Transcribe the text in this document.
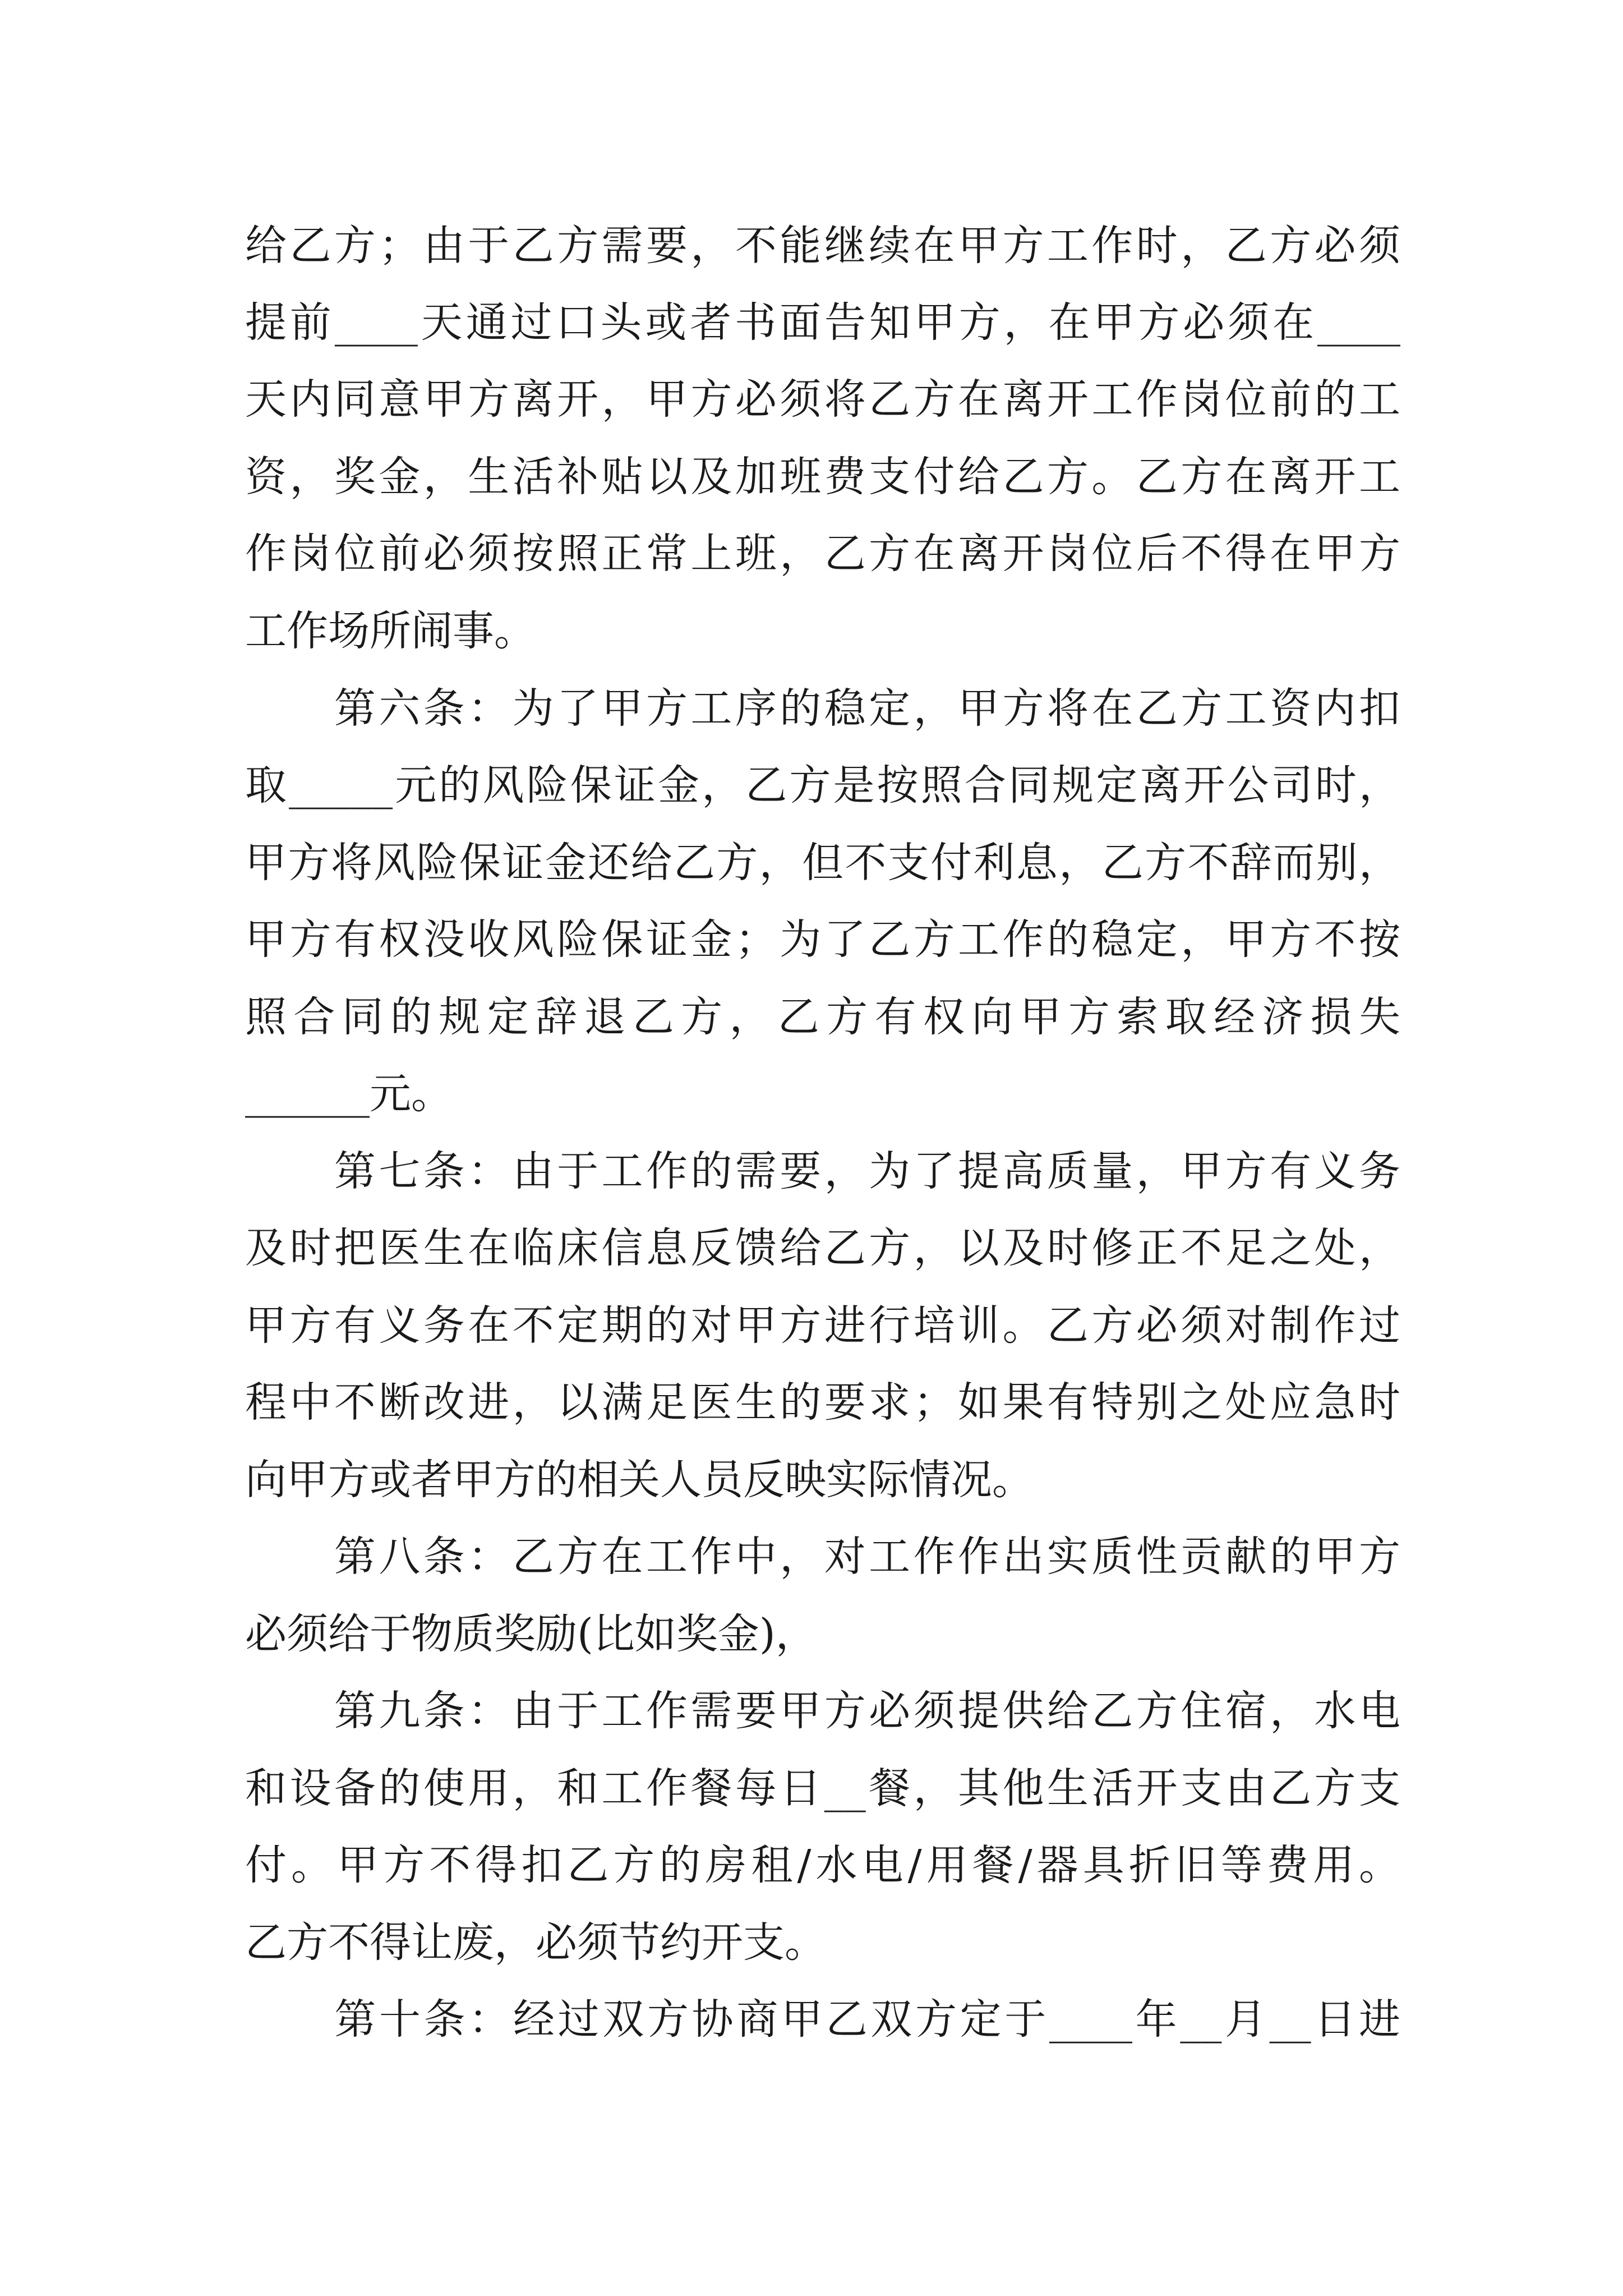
给乙方；由于乙方需要，不能继续在甲方工作时，乙方必须
提前____天通过口头或者书面告知甲方，在甲方必须在____
天内同意甲方离开，甲方必须将乙方在离开工作岗位前的工
资，奖金，生活补贴以及加班费支付给乙方。乙方在离开工
作岗位前必须按照正常上班，乙方在离开岗位后不得在甲方
工作场所闹事。
　　第六条：为了甲方工序的稳定，甲方将在乙方工资内扣
取_____元的风险保证金，乙方是按照合同规定离开公司时，
甲方将风险保证金还给乙方，但不支付利息，乙方不辞而别，
甲方有权没收风险保证金；为了乙方工作的稳定，甲方不按
照合同的规定辞退乙方，乙方有权向甲方索取经济损失
______元。
　　第七条：由于工作的需要，为了提高质量，甲方有义务
及时把医生在临床信息反馈给乙方，以及时修正不足之处，
甲方有义务在不定期的对甲方进行培训。乙方必须对制作过
程中不断改进，以满足医生的要求；如果有特别之处应急时
向甲方或者甲方的相关人员反映实际情况。
　　第八条：乙方在工作中，对工作作出实质性贡献的甲方
必须给于物质奖励(比如奖金)，
　　第九条：由于工作需要甲方必须提供给乙方住宿，水电
和设备的使用，和工作餐每日__餐，其他生活开支由乙方支
付。甲方不得扣乙方的房租/水电/用餐/器具折旧等费用。
乙方不得让废，必须节约开支。
　　第十条：经过双方协商甲乙双方定于____年__月__日进
